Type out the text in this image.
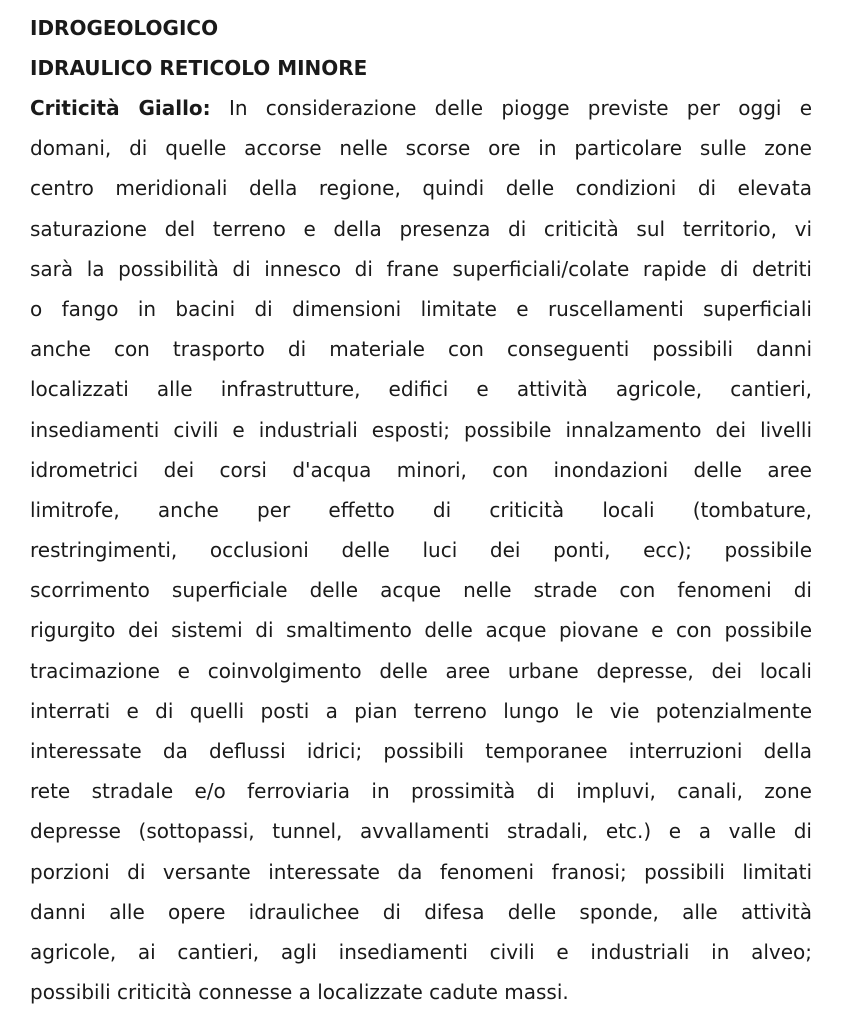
IDROGEOLOGICO
IDRAULICO RETICOLO MINORE
Criticità Giallo: In considerazione delle piogge previste per oggi e
domani, di quelle accorse nelle scorse ore in particolare sulle zone
centro meridionali della regione, quindi delle condizioni di elevata
saturazione del terreno e della presenza di criticità sul territorio, vi
sarà la possibilità di innesco di frane superficiali/colate rapide di detriti
o fango in bacini di dimensioni limitate e ruscellamenti superficiali
anche con trasporto di materiale con conseguenti possibili danni
localizzati alle infrastrutture, edifici e attività agricole, cantieri,
insediamenti civili e industriali esposti; possibile innalzamento dei livelli
idrometrici dei corsi d'acqua minori, con inondazioni delle aree
limitrofe, anche per effetto di criticità locali (tombature,
restringimenti, occlusioni delle luci dei ponti, ecc); possibile
scorrimento superficiale delle acque nelle strade con fenomeni di
rigurgito dei sistemi di smaltimento delle acque piovane e con possibile
tracimazione e coinvolgimento delle aree urbane depresse, dei locali
interrati e di quelli posti a pian terreno lungo le vie potenzialmente
interessate da deflussi idrici; possibili temporanee interruzioni della
rete stradale e/o ferroviaria in prossimità di impluvi, canali, zone
depresse (sottopassi, tunnel, avvallamenti stradali, etc.) e a valle di
porzioni di versante interessate da fenomeni franosi; possibili limitati
danni alle opere idraulichee di difesa delle sponde, alle attività
agricole, ai cantieri, agli insediamenti civili e industriali in alveo;
possibili criticità connesse a localizzate cadute massi.
